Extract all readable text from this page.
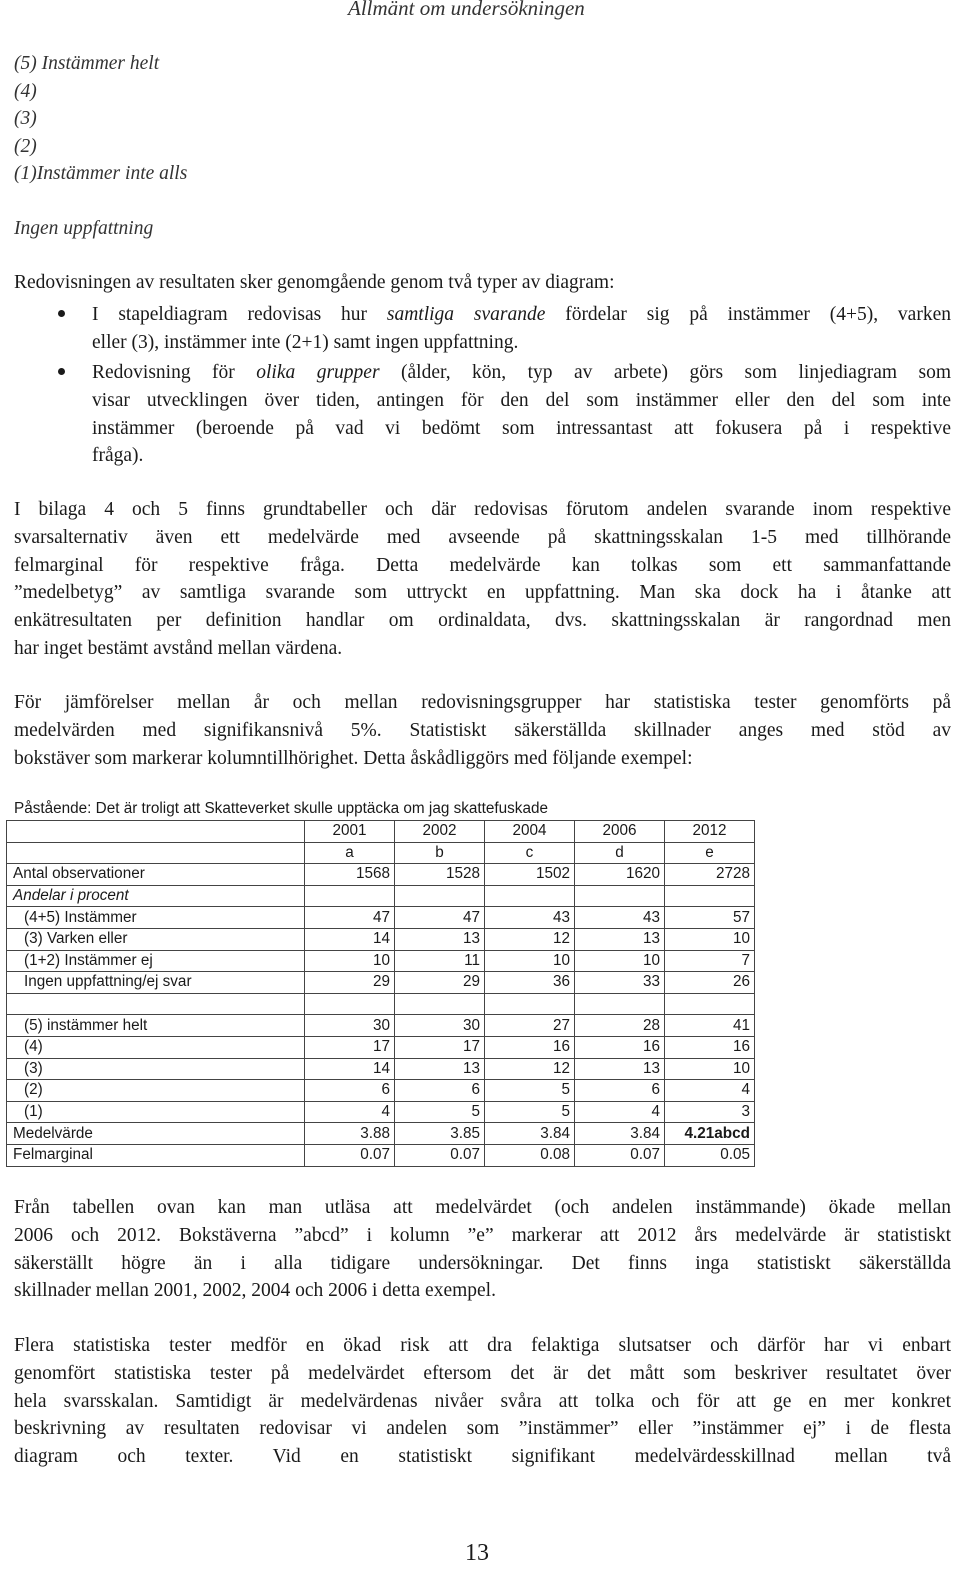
Allmänt om undersökningen
(5) Instämmer helt
(4)
(3)
(2)
(1)Instämmer inte alls
Ingen uppfattning
Redovisningen av resultaten sker genomgående genom två typer av diagram:
I stapeldiagram redovisas hur samtliga svarande fördelar sig på instämmer (4+5), varken
eller (3), instämmer inte (2+1) samt ingen uppfattning.
Redovisning för olika grupper (ålder, kön, typ av arbete) görs som linjediagram som
visar utvecklingen över tiden, antingen för den del som instämmer eller den del som inte
instämmer (beroende på vad vi bedömt som intressantast att fokusera på i respektive
fråga).
I bilaga 4 och 5 finns grundtabeller och där redovisas förutom andelen svarande inom respektive
svarsalternativ även ett medelvärde med avseende på skattningsskalan 1-5 med tillhörande
felmarginal för respektive fråga. Detta medelvärde kan tolkas som ett sammanfattande
”medelbetyg” av samtliga svarande som uttryckt en uppfattning. Man ska dock ha i åtanke att
enkätresultaten per definition handlar om ordinaldata, dvs. skattningsskalan är rangordnad men
har inget bestämt avstånd mellan värdena.
För jämförelser mellan år och mellan redovisningsgrupper har statistiska tester genomförts på
medelvärden med signifikansnivå 5%. Statistiskt säkerställda skillnader anges med stöd av
bokstäver som markerar kolumntillhörighet. Detta åskådliggörs med följande exempel:
Påstående: Det är troligt att Skatteverket skulle upptäcka om jag skattefuskade
	2001	2002	2004	2006	2012
	a	b	c	d	e
Antal observationer	1568	1528	1502	1620	2728
Andelar i procent					
(4+5) Instämmer	47	47	43	43	57
(3) Varken eller	14	13	12	13	10
(1+2) Instämmer ej	10	11	10	10	7
Ingen uppfattning/ej svar	29	29	36	33	26

(5) instämmer helt	30	30	27	28	41
(4)	17	17	16	16	16
(3)	14	13	12	13	10
(2)	6	6	5	6	4
(1)	4	5	5	4	3
Medelvärde	3.88	3.85	3.84	3.84	4.21abcd
Felmarginal	0.07	0.07	0.08	0.07	0.05
Från tabellen ovan kan man utläsa att medelvärdet (och andelen instämmande) ökade mellan
2006 och 2012. Bokstäverna ”abcd” i kolumn ”e” markerar att 2012 års medelvärde är statistiskt
säkerställt högre än i alla tidigare undersökningar. Det finns inga statistiskt säkerställda
skillnader mellan 2001, 2002, 2004 och 2006 i detta exempel.
Flera statistiska tester medför en ökad risk att dra felaktiga slutsatser och därför har vi enbart
genomfört statistiska tester på medelvärdet eftersom det är det mått som beskriver resultatet över
hela svarsskalan. Samtidigt är medelvärdenas nivåer svåra att tolka och för att ge en mer konkret
beskrivning av resultaten redovisar vi andelen som ”instämmer” eller ”instämmer ej” i de flesta
diagram och texter. Vid en statistiskt signifikant medelvärdesskillnad mellan två
13
